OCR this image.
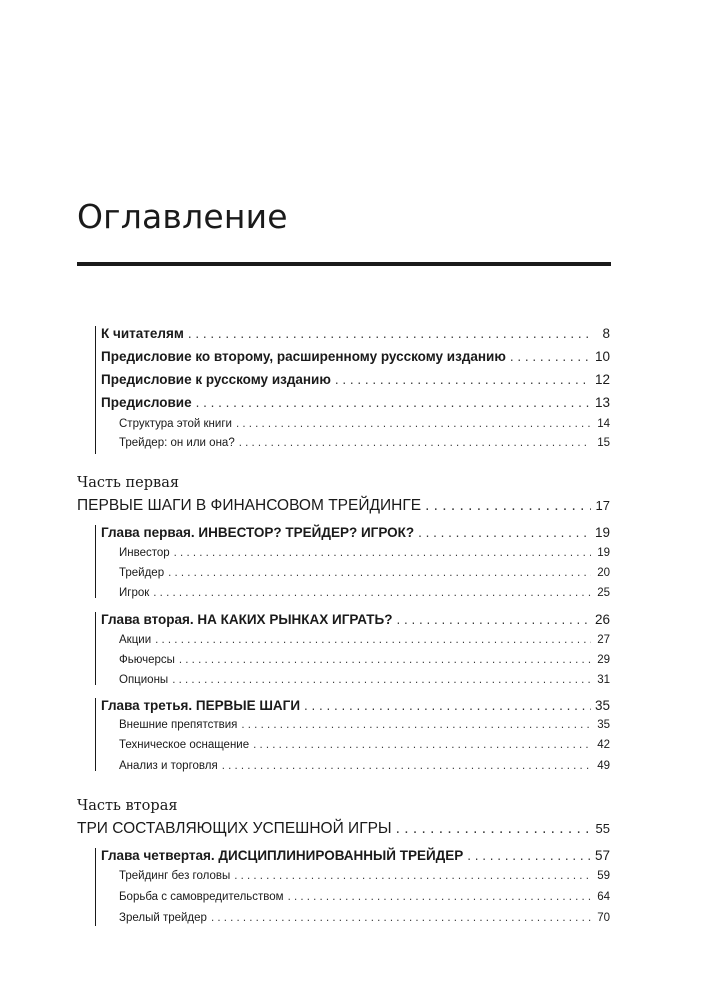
Оглавление
К читателям . . .	8
Предисловие ко второму, расширенному русскому изданию . . .	10
Предисловие к русскому изданию . . .	12
Предисловие . . .	13
Структура этой книги . . .	14
Трейдер: он или она? . . .	15
Часть первая
ПЕРВЫЕ ШАГИ В ФИНАНСОВОМ ТРЕЙДИНГЕ . . .	17
Глава первая. ИНВЕСТОР? ТРЕЙДЕР? ИГРОК? . . .	19
Инвестор . . .	19
Трейдер . . .	20
Игрок . . .	25
Глава вторая. НА КАКИХ РЫНКАХ ИГРАТЬ? . . .	26
Акции . . .	27
Фьючерсы . . .	29
Опционы . . .	31
Глава третья. ПЕРВЫЕ ШАГИ . . .	35
Внешние препятствия . . .	35
Техническое оснащение . . .	42
Анализ и торговля . . .	49
Часть вторая
ТРИ СОСТАВЛЯЮЩИХ УСПЕШНОЙ ИГРЫ . . .	55
Глава четвертая. ДИСЦИПЛИНИРОВАННЫЙ ТРЕЙДЕР . . .	57
Трейдинг без головы . . .	59
Борьба с самовредительством . . .	64
Зрелый трейдер . . .	70
